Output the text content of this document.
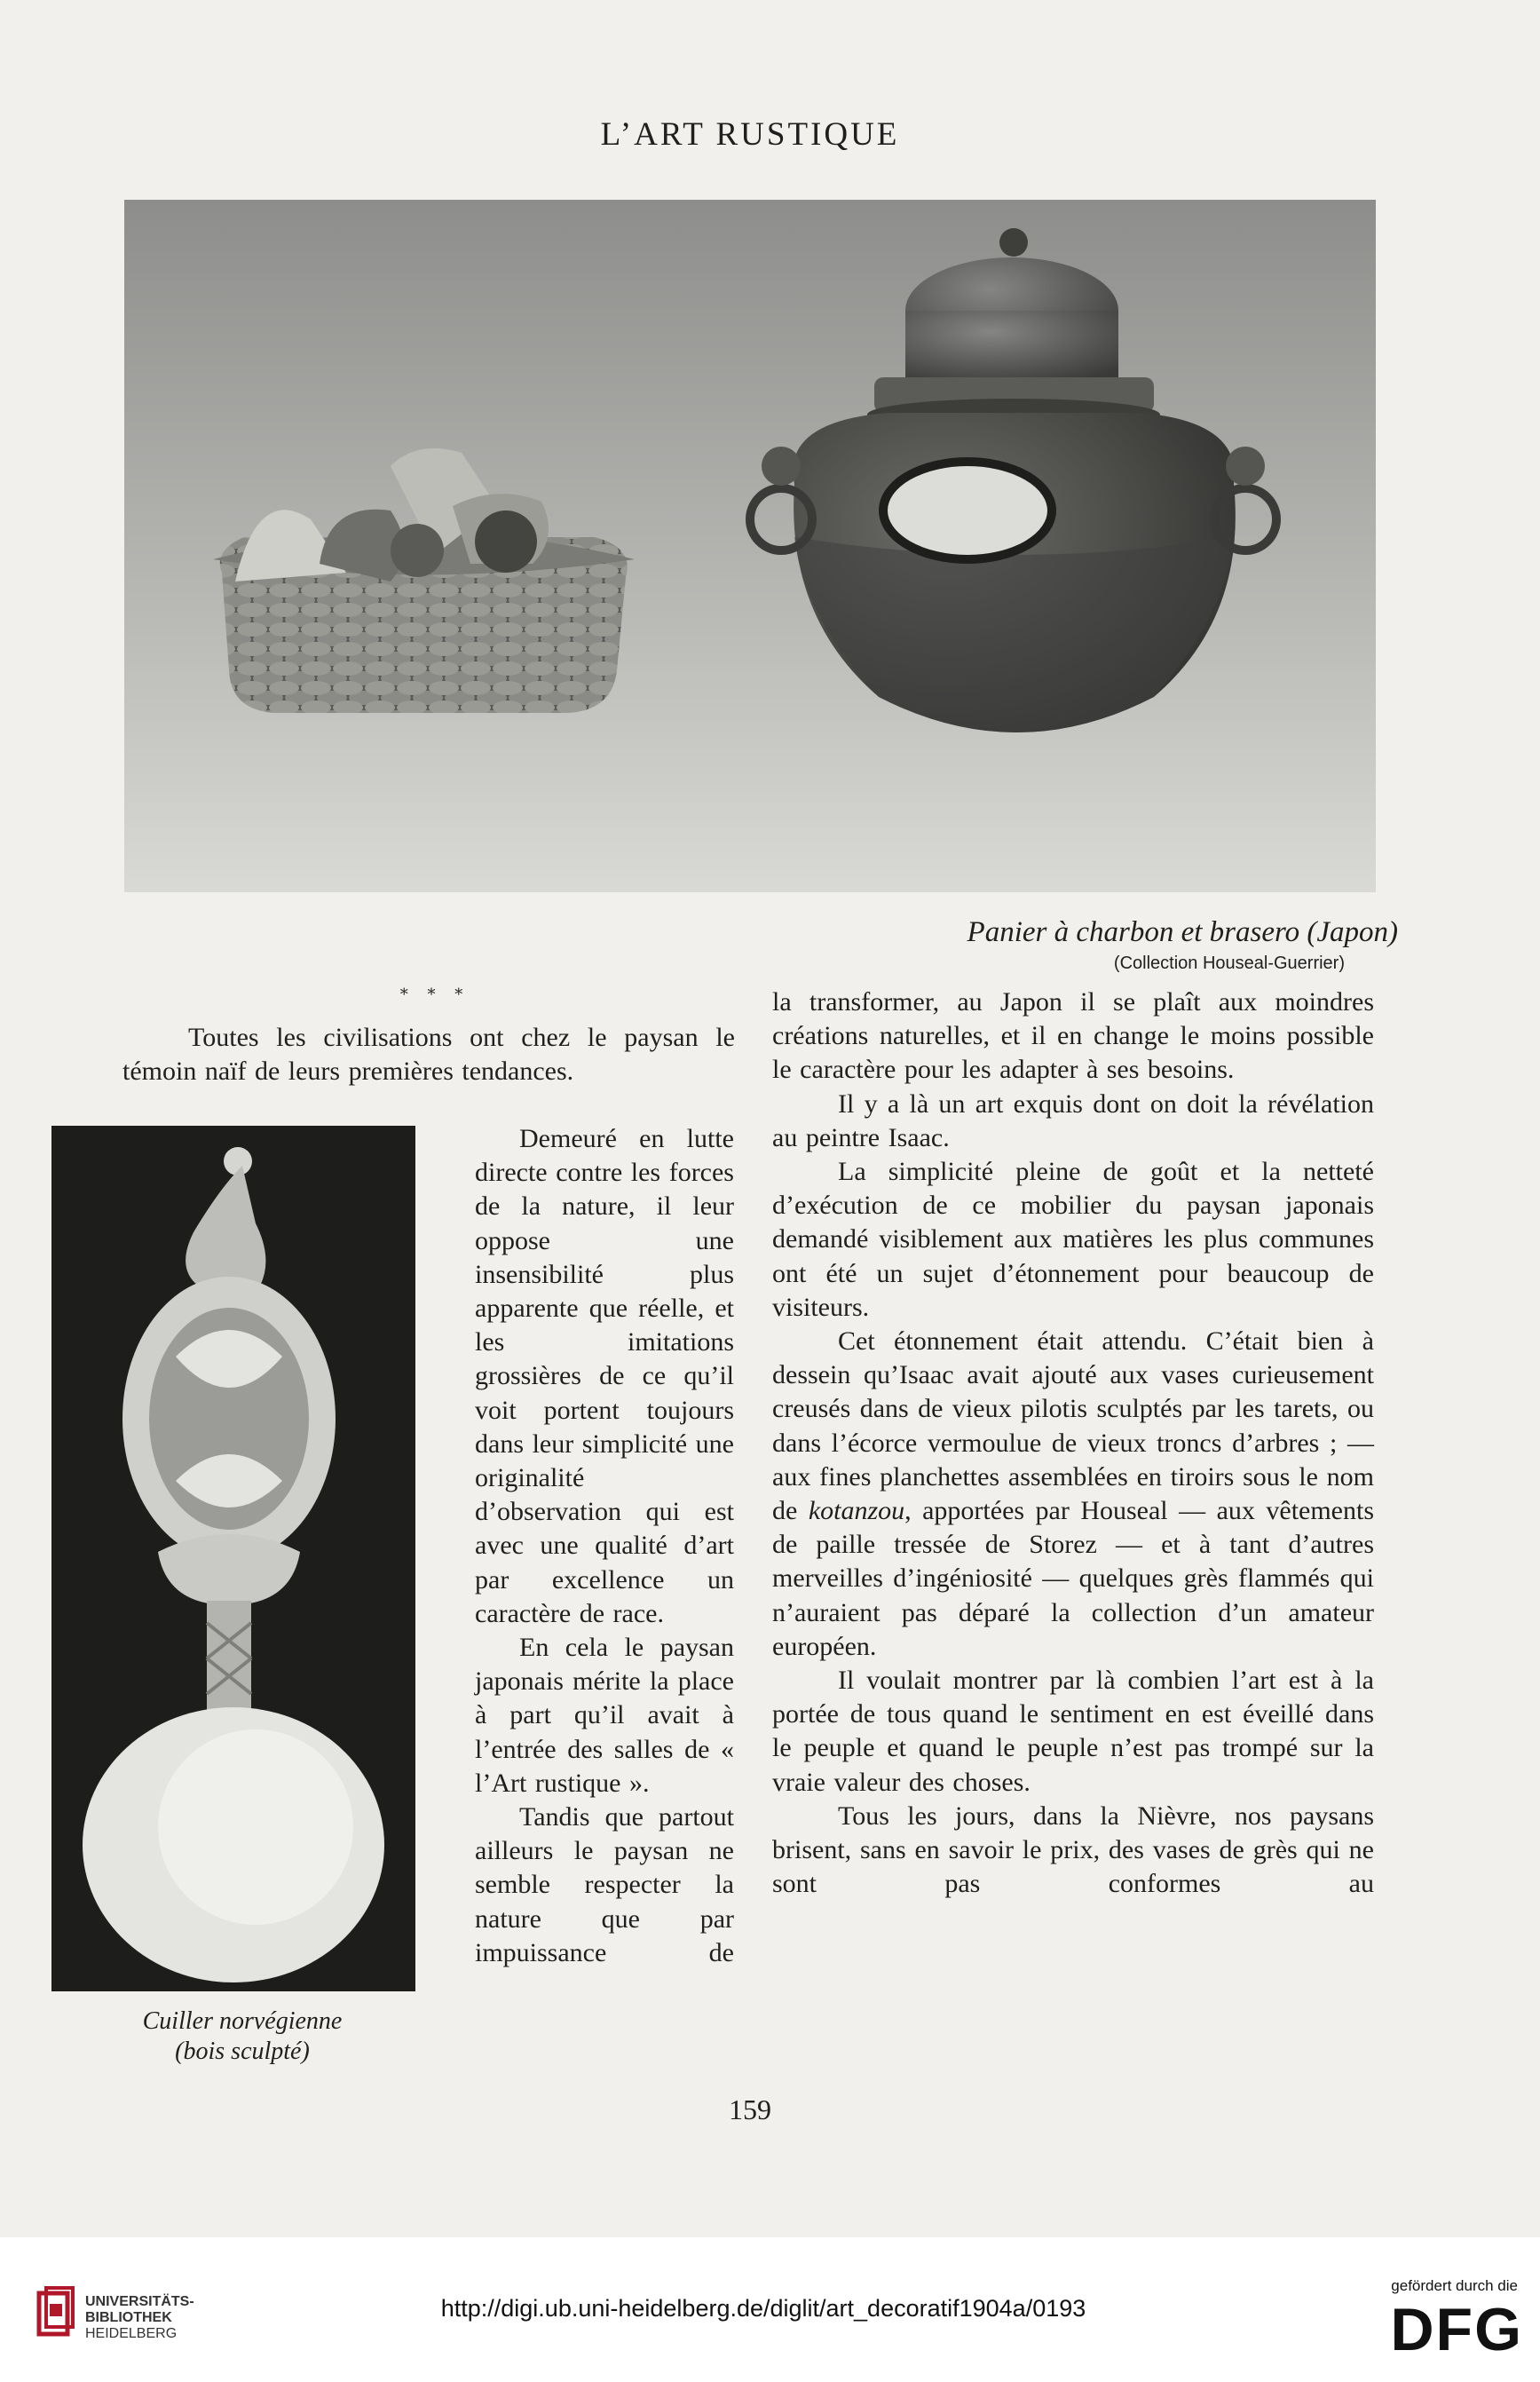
L’ART RUSTIQUE
Panier à charbon et brasero (Japon)
(Collection Houseal-Guerrier)
* * *

Toutes les civilisations ont chez le paysan le témoin naïf de leurs premières tendances.

Demeuré en lutte directe contre les forces de la nature, il leur oppose une insensibilité plus apparente que réelle, et les imitations grossières de ce qu’il voit portent toujours dans leur simplicité une originalité d’observation qui est avec une qualité d’art par excellence un caractère de race.

En cela le paysan japonais mérite la place à part qu’il avait à l’entrée des salles de « l’Art rustique ».

Tandis que partout ailleurs le paysan ne semble respecter la nature que par impuissance de

Cuiller norvégienne
(bois sculpté)

la transformer, au Japon il se plaît aux moindres créations naturelles, et il en change le moins possible le caractère pour les adapter à ses besoins.

Il y a là un art exquis dont on doit la révélation au peintre Isaac.

La simplicité pleine de goût et la netteté d’exécution de ce mobilier du paysan japonais demandé visiblement aux matières les plus communes ont été un sujet d’étonnement pour beaucoup de visiteurs.

Cet étonnement était attendu. C’était bien à dessein qu’Isaac avait ajouté aux vases curieusement creusés dans de vieux pilotis sculptés par les tarets, ou dans l’écorce vermoulue de vieux troncs d’arbres ; — aux fines planchettes assemblées en tiroirs sous le nom de kotanzou, apportées par Houseal — aux vêtements de paille tressée de Storez — et à tant d’autres merveilles d’ingéniosité — quelques grès flammés qui n’auraient pas déparé la collection d’un amateur européen.

Il voulait montrer par là combien l’art est à la portée de tous quand le sentiment en est éveillé dans le peuple et quand le peuple n’est pas trompé sur la vraie valeur des choses.

Tous les jours, dans la Nièvre, nos paysans brisent, sans en savoir le prix, des vases de grès qui ne sont pas conformes au

159
UNIVERSITÄTS-
BIBLIOTHEK
HEIDELBERG
http://digi.ub.uni-heidelberg.de/diglit/art_decoratif1904a/0193
gefördert durch die
DFG
